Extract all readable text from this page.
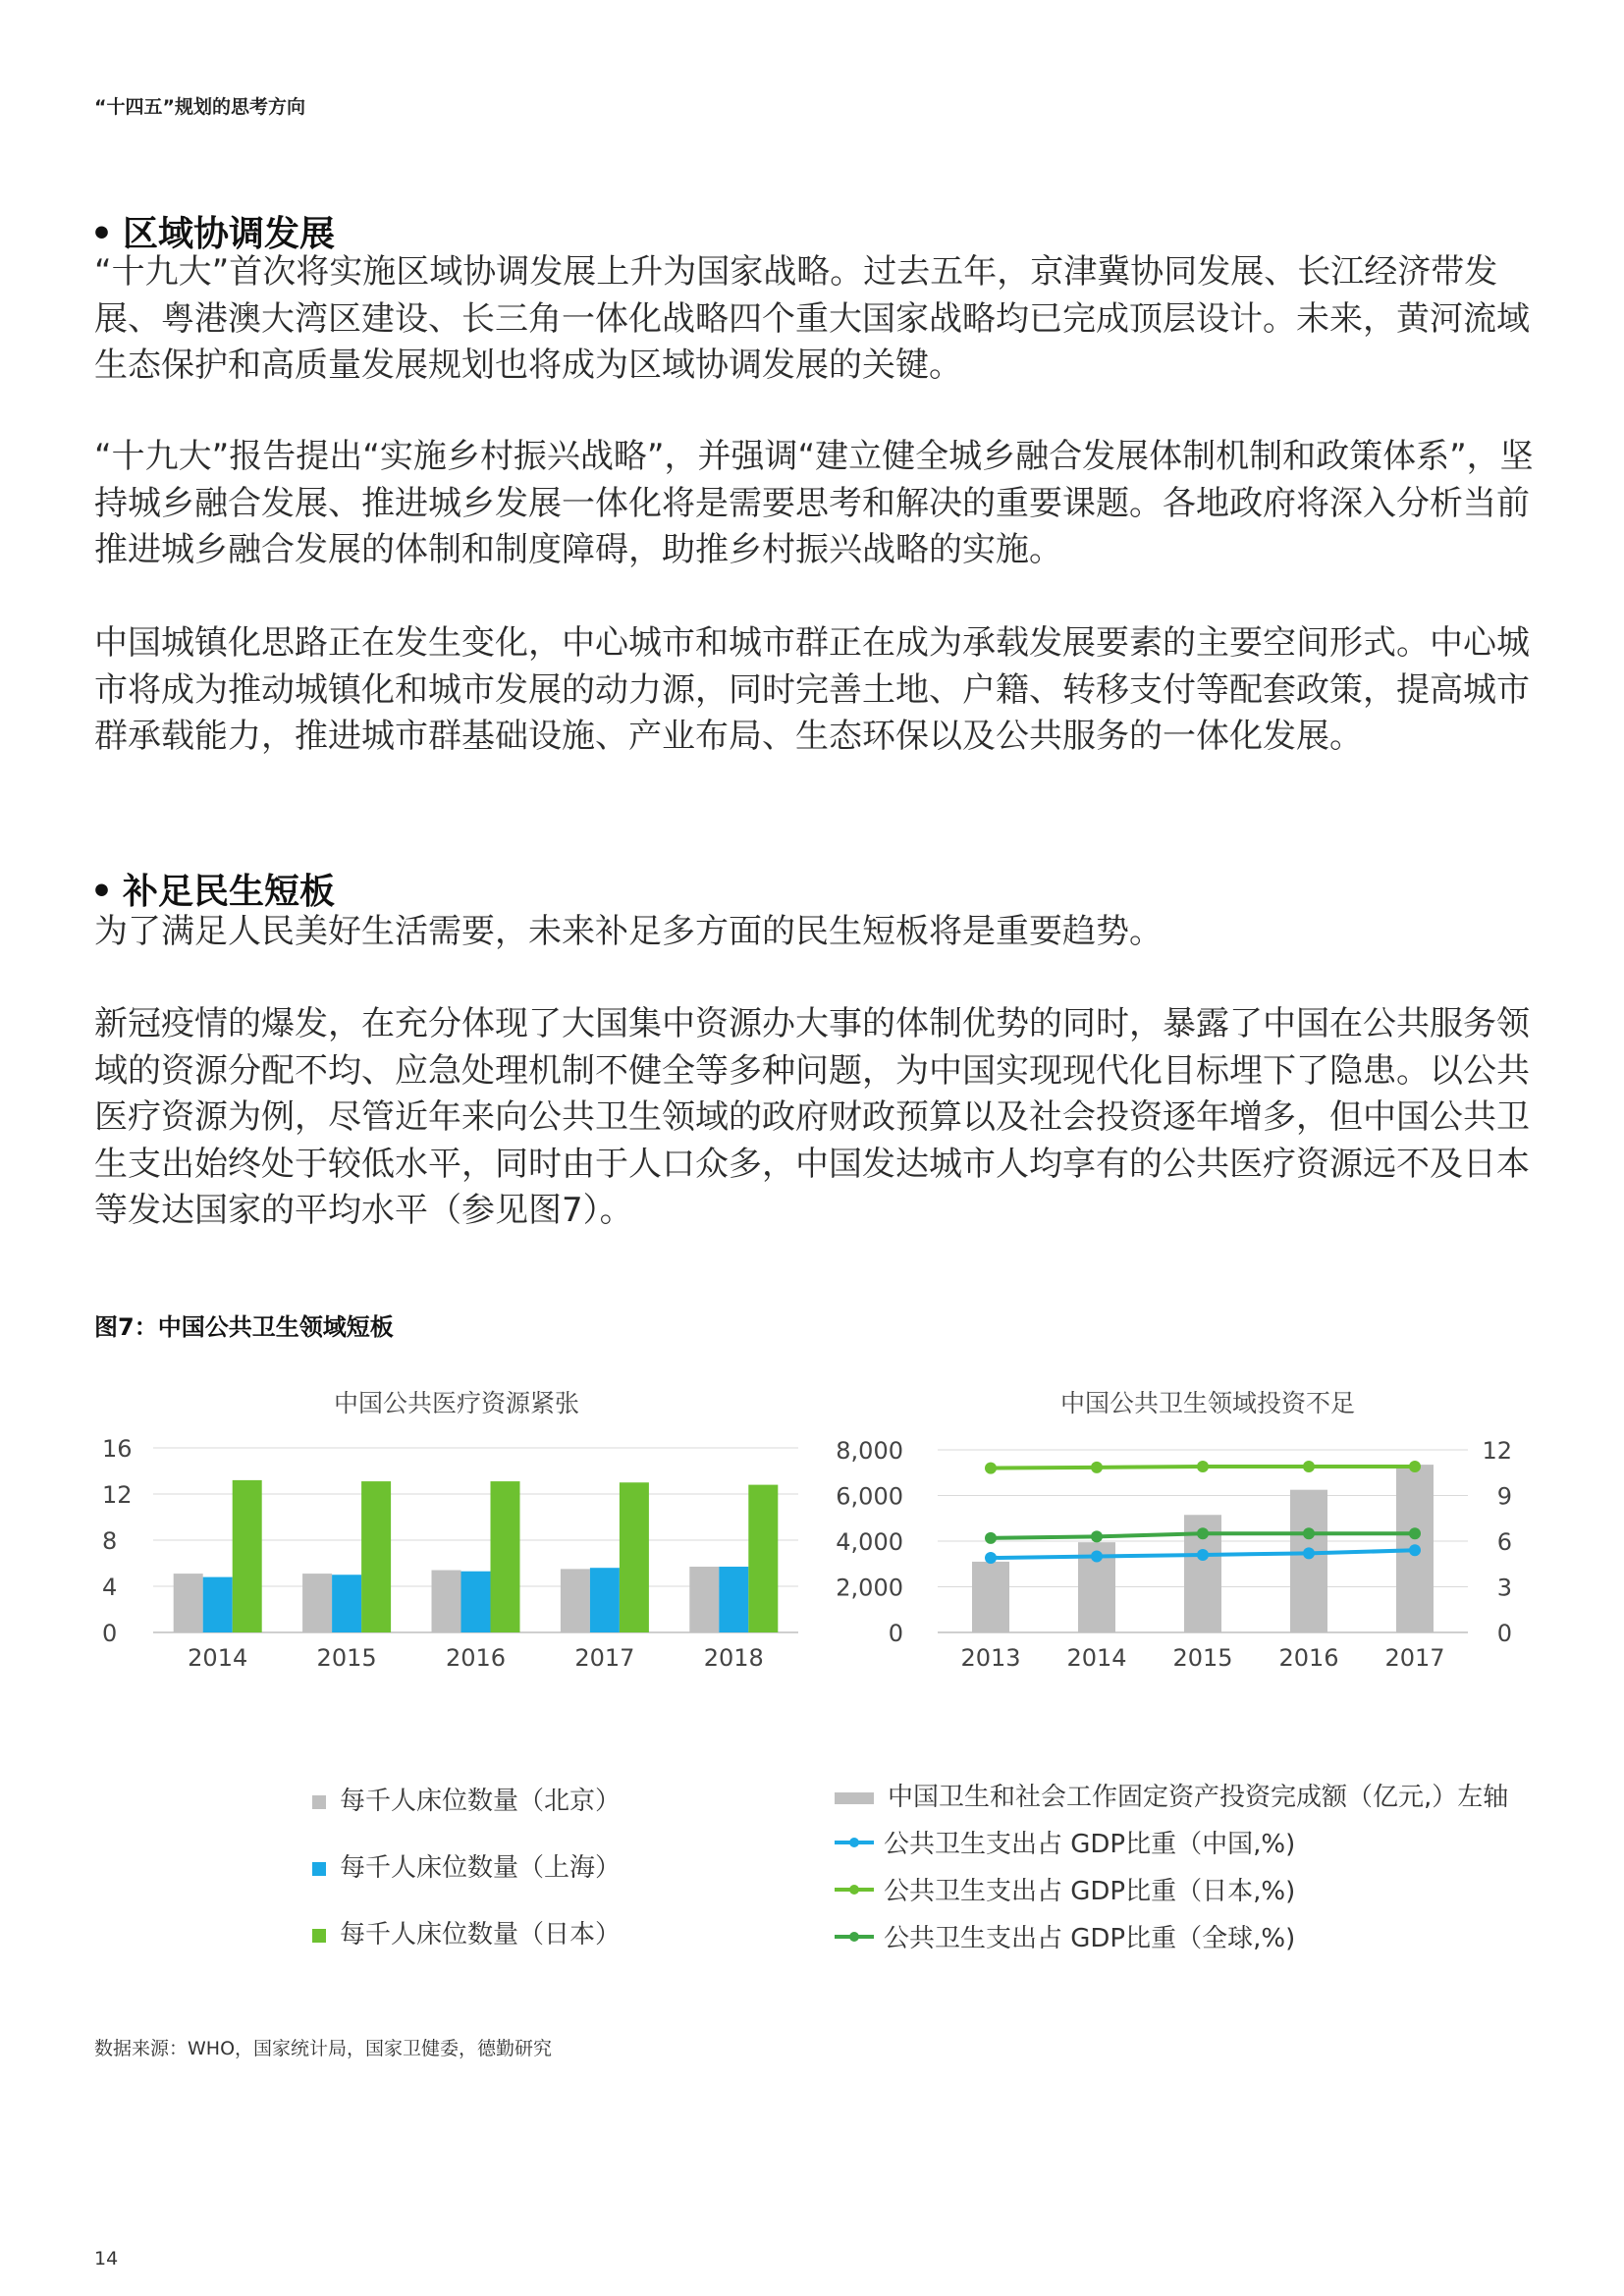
“十四五”规划的思考方向
• 区域协调发展
“十九大”首次将实施区域协调发展上升为国家战略。过去五年，京津冀协同发展、长江经济带发展、粤港澳大湾区建设、长三角一体化战略四个重大国家战略均已完成顶层设计。未来，黄河流域生态保护和高质量发展规划也将成为区域协调发展的关键。
“十九大”报告提出“实施乡村振兴战略”，并强调“建立健全城乡融合发展体制机制和政策体系”，坚持城乡融合发展、推进城乡发展一体化将是需要思考和解决的重要课题。各地政府将深入分析当前推进城乡融合发展的体制和制度障碍，助推乡村振兴战略的实施。
中国城镇化思路正在发生变化，中心城市和城市群正在成为承载发展要素的主要空间形式。中心城市将成为推动城镇化和城市发展的动力源，同时完善土地、户籍、转移支付等配套政策，提高城市群承载能力，推进城市群基础设施、产业布局、生态环保以及公共服务的一体化发展。
• 补足民生短板
为了满足人民美好生活需要，未来补足多方面的民生短板将是重要趋势。
新冠疫情的爆发，在充分体现了大国集中资源办大事的体制优势的同时，暴露了中国在公共服务领域的资源分配不均、应急处理机制不健全等多种问题，为中国实现现代化目标埋下了隐患。以公共医疗资源为例，尽管近年来向公共卫生领域的政府财政预算以及社会投资逐年增多，但中国公共卫生支出始终处于较低水平，同时由于人口众多，中国发达城市人均享有的公共医疗资源远不及日本等发达国家的平均水平（参见图7）。
图7：中国公共卫生领域短板
中国公共医疗资源紧张
16
12
8
4
0
2014	2015	2016	2017	2018
每千人床位数量（北京）
每千人床位数量（上海）
每千人床位数量（日本）
中国公共卫生领域投资不足
8,000
6,000
4,000
2,000
0
12
9
6
3
0
2013 2014 2015 2016 2017
中国卫生和社会工作固定资产投资完成额（亿元,）左轴
公共卫生支出占 GDP比重（中国,%)
公共卫生支出占 GDP比重（日本,%)
公共卫生支出占 GDP比重（全球,%)
数据来源：WHO，国家统计局，国家卫健委，德勤研究
14
